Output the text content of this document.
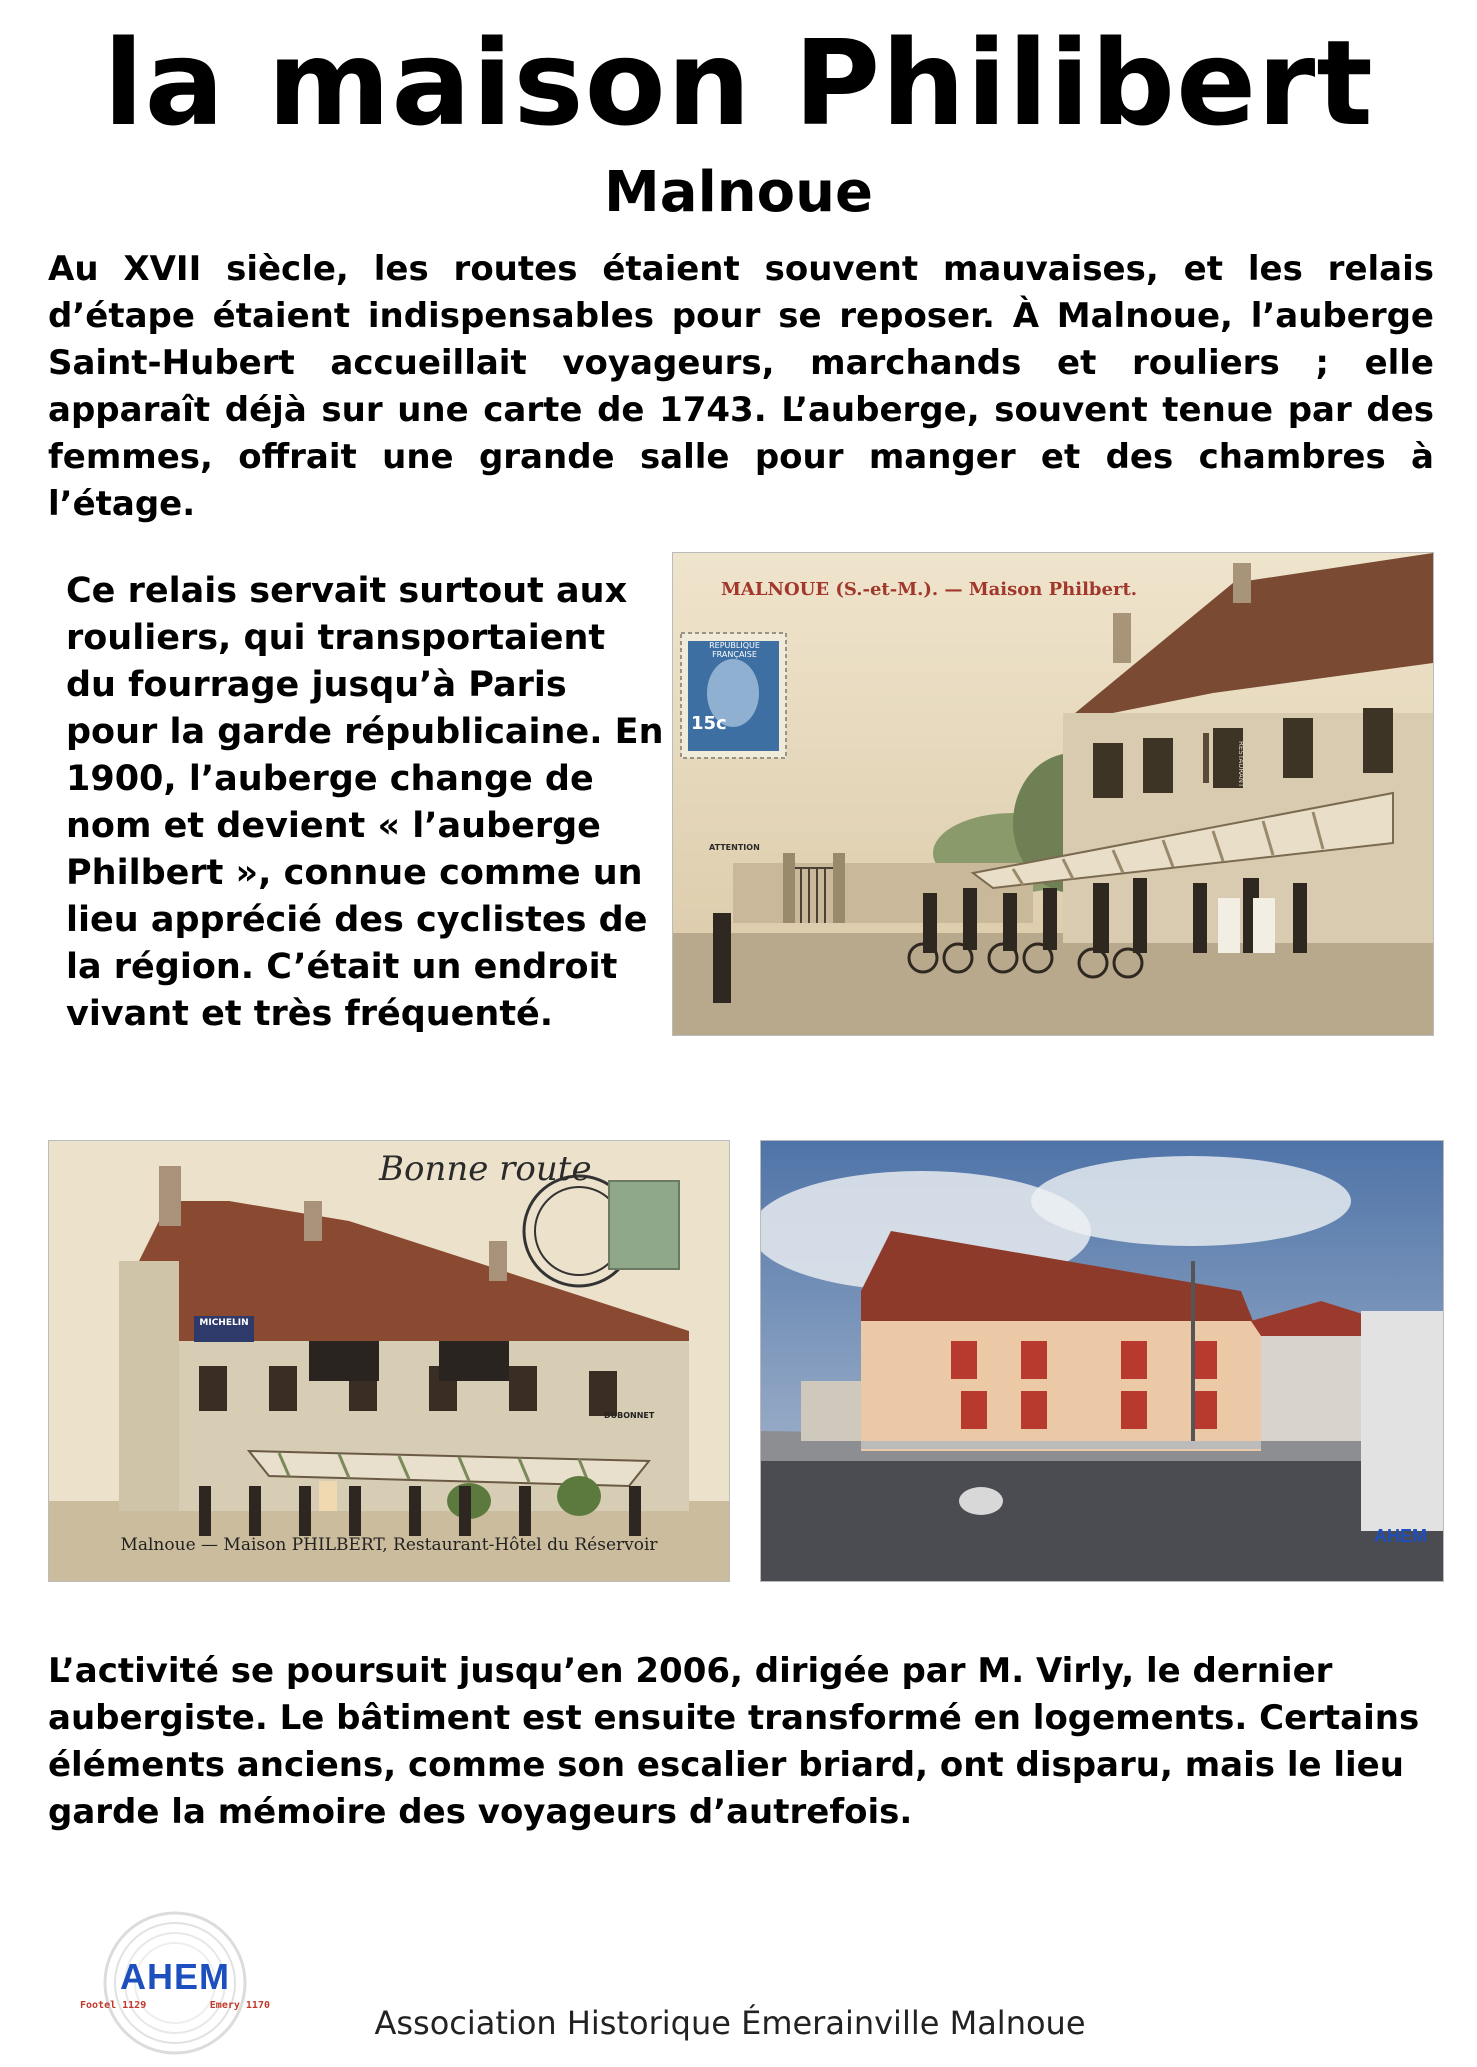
la maison Philibert
Malnoue

Au XVII siècle, les routes étaient souvent mauvaises, et les relais d’étape étaient indispensables pour se reposer. À Malnoue, l’auberge Saint-Hubert accueillait voyageurs, marchands et rouliers ; elle apparaît déjà sur une carte de 1743. L’auberge, souvent tenue par des femmes, offrait une grande salle pour manger et des chambres à l’étage.

Ce relais servait surtout aux rouliers, qui transportaient du fourrage jusqu’à Paris pour la garde républicaine. En 1900, l’auberge change de nom et devient « l’auberge Philbert », connue comme un lieu apprécié des cyclistes de la région. C’était un endroit vivant et très fréquenté.

MALNOUE (S.-et-M.). — Maison Philbert.
REPUBLIQUE FRANÇAISE
15c
RESTAURANT
ATTENTION
Bonne route
MICHELIN
DUBONNET
Malnoue — Maison PHILBERT, Restaurant-Hôtel du Réservoir	AHEM

L’activité se poursuit jusqu’en 2006, dirigée par M. Virly, le dernier aubergiste. Le bâtiment est ensuite transformé en logements. Certains éléments anciens, comme son escalier briard, ont disparu, mais le lieu garde la mémoire des voyageurs d’autrefois.

AHEM
Footel 1129	Emery 1170	Association Historique Émerainville Malnoue
